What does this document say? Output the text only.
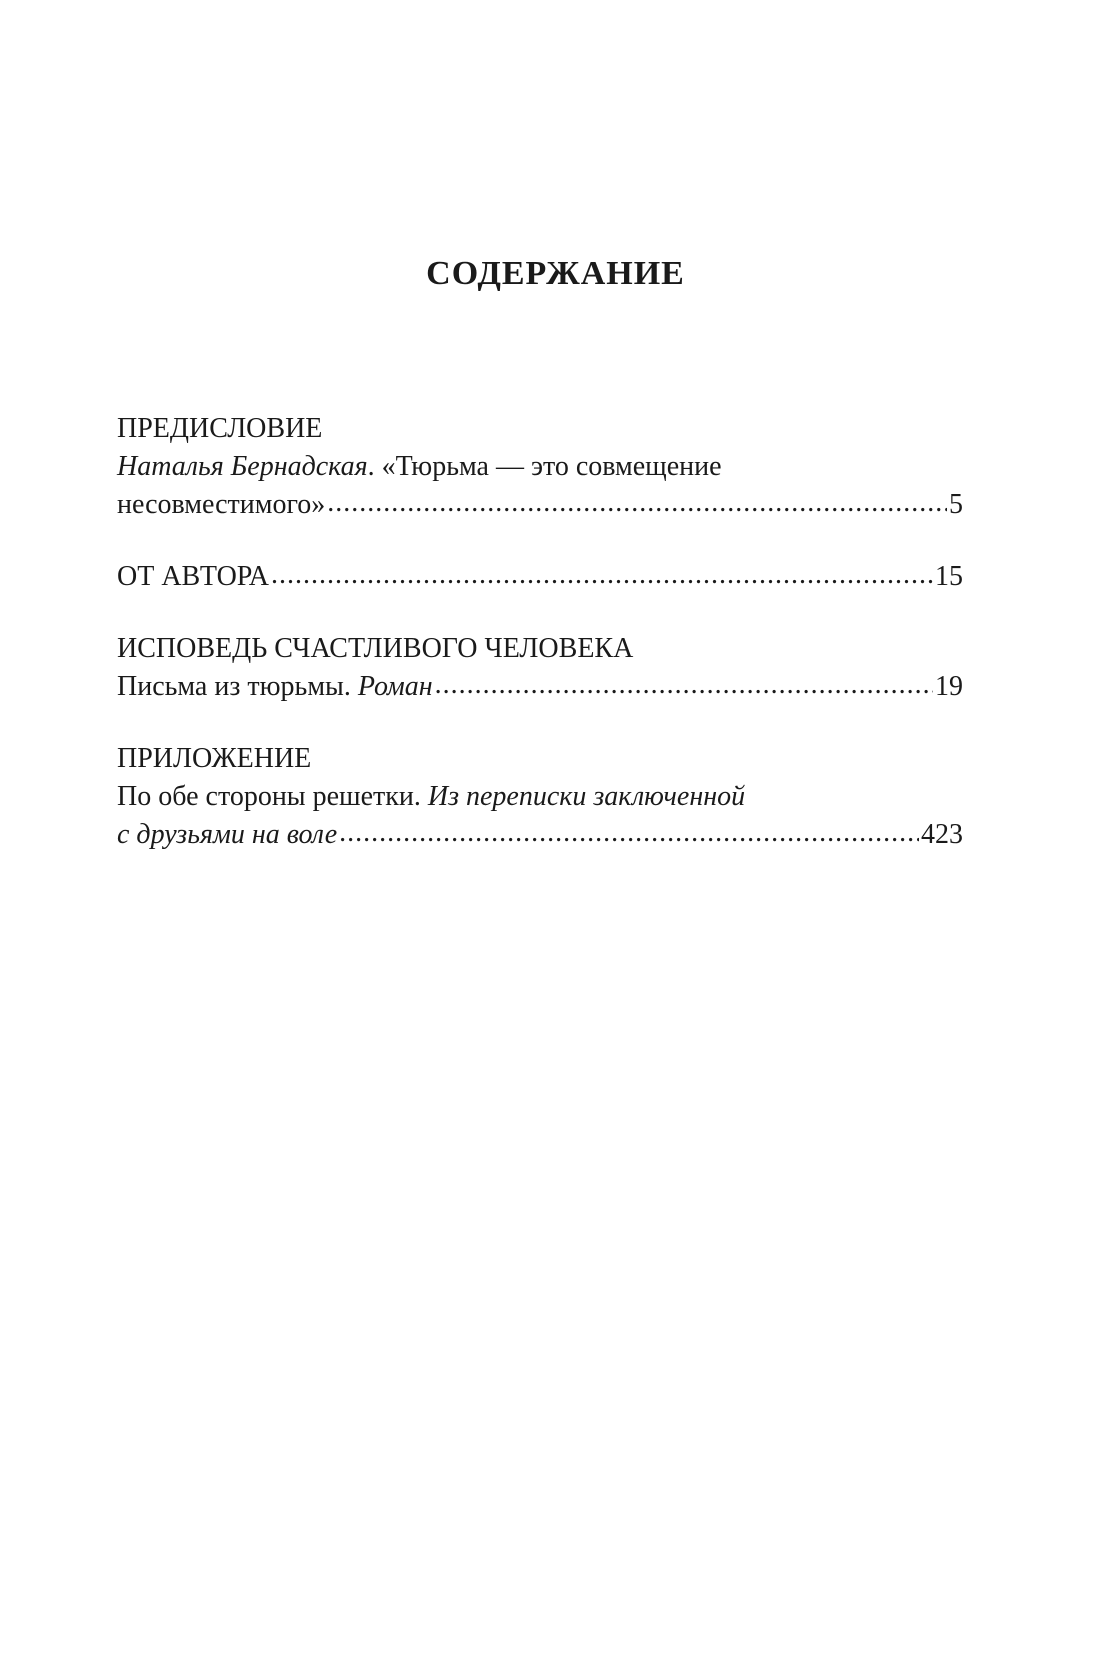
СОДЕРЖАНИЕ
ПРЕДИСЛОВИЕ
Наталья Бернадская. «Тюрьма — это совмещение
несовместимого» .....	5
ОТ АВТОРА .....	15
ИСПОВЕДЬ СЧАСТЛИВОГО ЧЕЛОВЕКА
Письма из тюрьмы. Роман .....	19
ПРИЛОЖЕНИЕ
По обе стороны решетки. Из переписки заключенной
с друзьями на воле .....	423
